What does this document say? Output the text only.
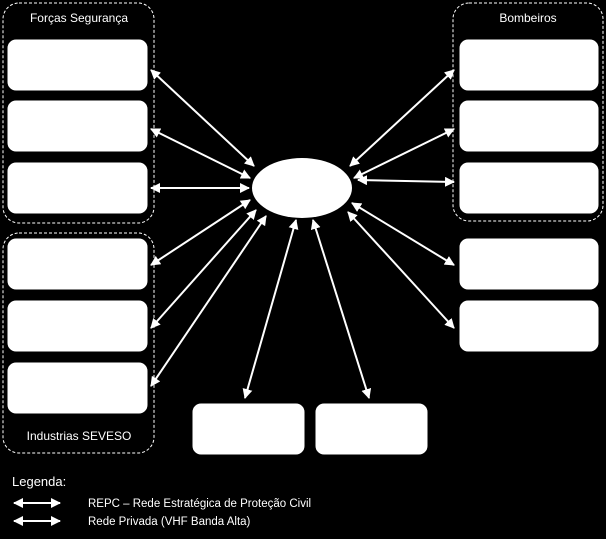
Forças Segurança	Bombeiros
Industrias SEVESO
Legenda:
REPC – Rede Estratégica de Proteção Civil
Rede Privada (VHF Banda Alta)
